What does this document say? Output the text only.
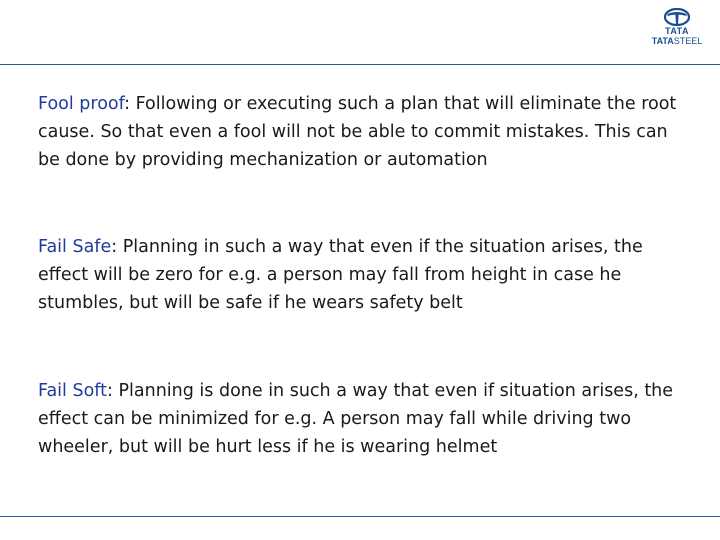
TATA
TATASTEEL

Fool proof: Following or executing such a plan that will eliminate the root cause. So that even a fool will not be able to commit mistakes. This can be done by providing mechanization or automation

Fail Safe: Planning in such a way that even if the situation arises, the effect will be zero for e.g. a person may fall from height in case he stumbles, but will be safe if he wears safety belt

Fail Soft: Planning is done in such a way that even if situation arises, the effect can be minimized for e.g. A person may fall while driving two wheeler, but will be hurt less if he is wearing helmet
